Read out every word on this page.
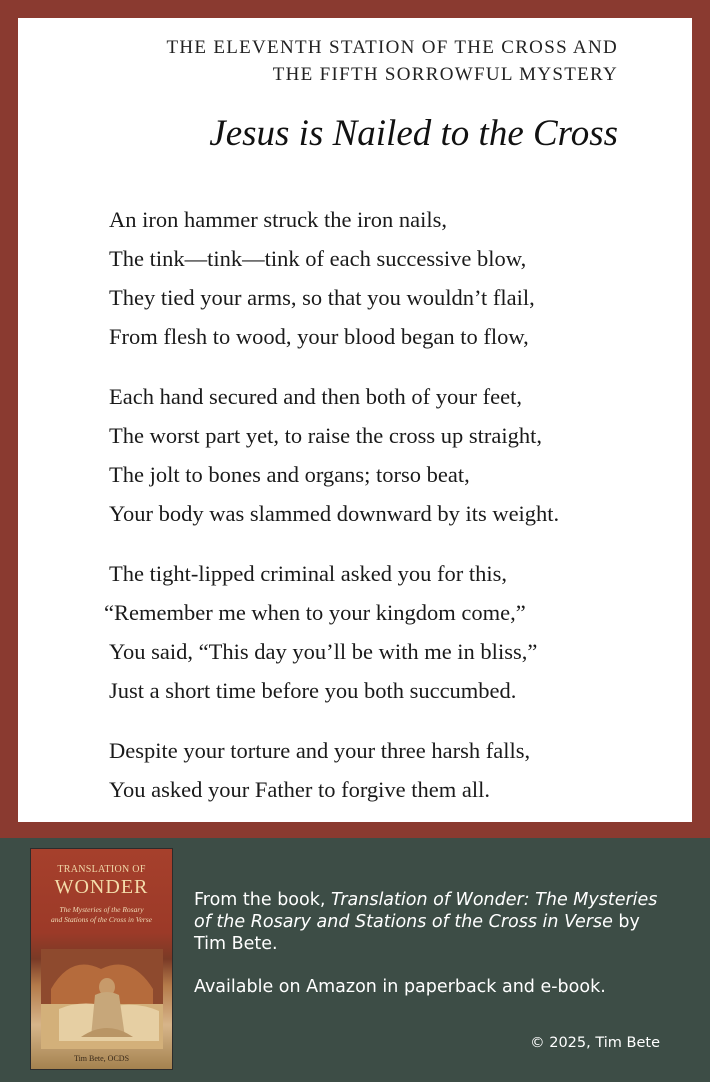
THE ELEVENTH STATION OF THE CROSS AND
THE FIFTH SORROWFUL MYSTERY
Jesus is Nailed to the Cross
An iron hammer struck the iron nails,
The tink—tink—tink of each successive blow,
They tied your arms, so that you wouldn’t flail,
From flesh to wood, your blood began to flow,
Each hand secured and then both of your feet,
The worst part yet, to raise the cross up straight,
The jolt to bones and organs; torso beat,
Your body was slammed downward by its weight.
The tight-lipped criminal asked you for this,
“Remember me when to your kingdom come,”
You said, “This day you’ll be with me in bliss,”
Just a short time before you both succumbed.
Despite your torture and your three harsh falls,
You asked your Father to forgive them all.
TRANSLATION OF
WONDER
The Mysteries of the Rosary
and Stations of the Cross in Verse
Tim Bete, OCDS
From the book, Translation of Wonder: The Mysteries of the Rosary and Stations of the Cross in Verse by Tim Bete.
Available on Amazon in paperback and e-book.
© 2025, Tim Bete
